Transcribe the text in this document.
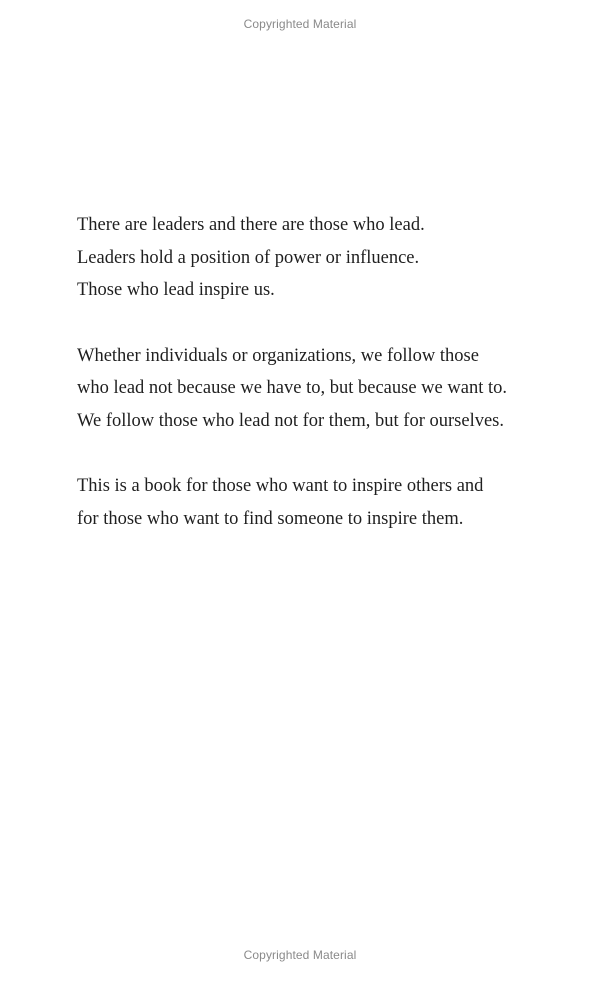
Copyrighted Material

There are leaders and there are those who lead.
Leaders hold a position of power or influence.
Those who lead inspire us.

Whether individuals or organizations, we follow those
who lead not because we have to, but because we want to.
We follow those who lead not for them, but for ourselves.

This is a book for those who want to inspire others and
for those who want to find someone to inspire them.

Copyrighted Material
